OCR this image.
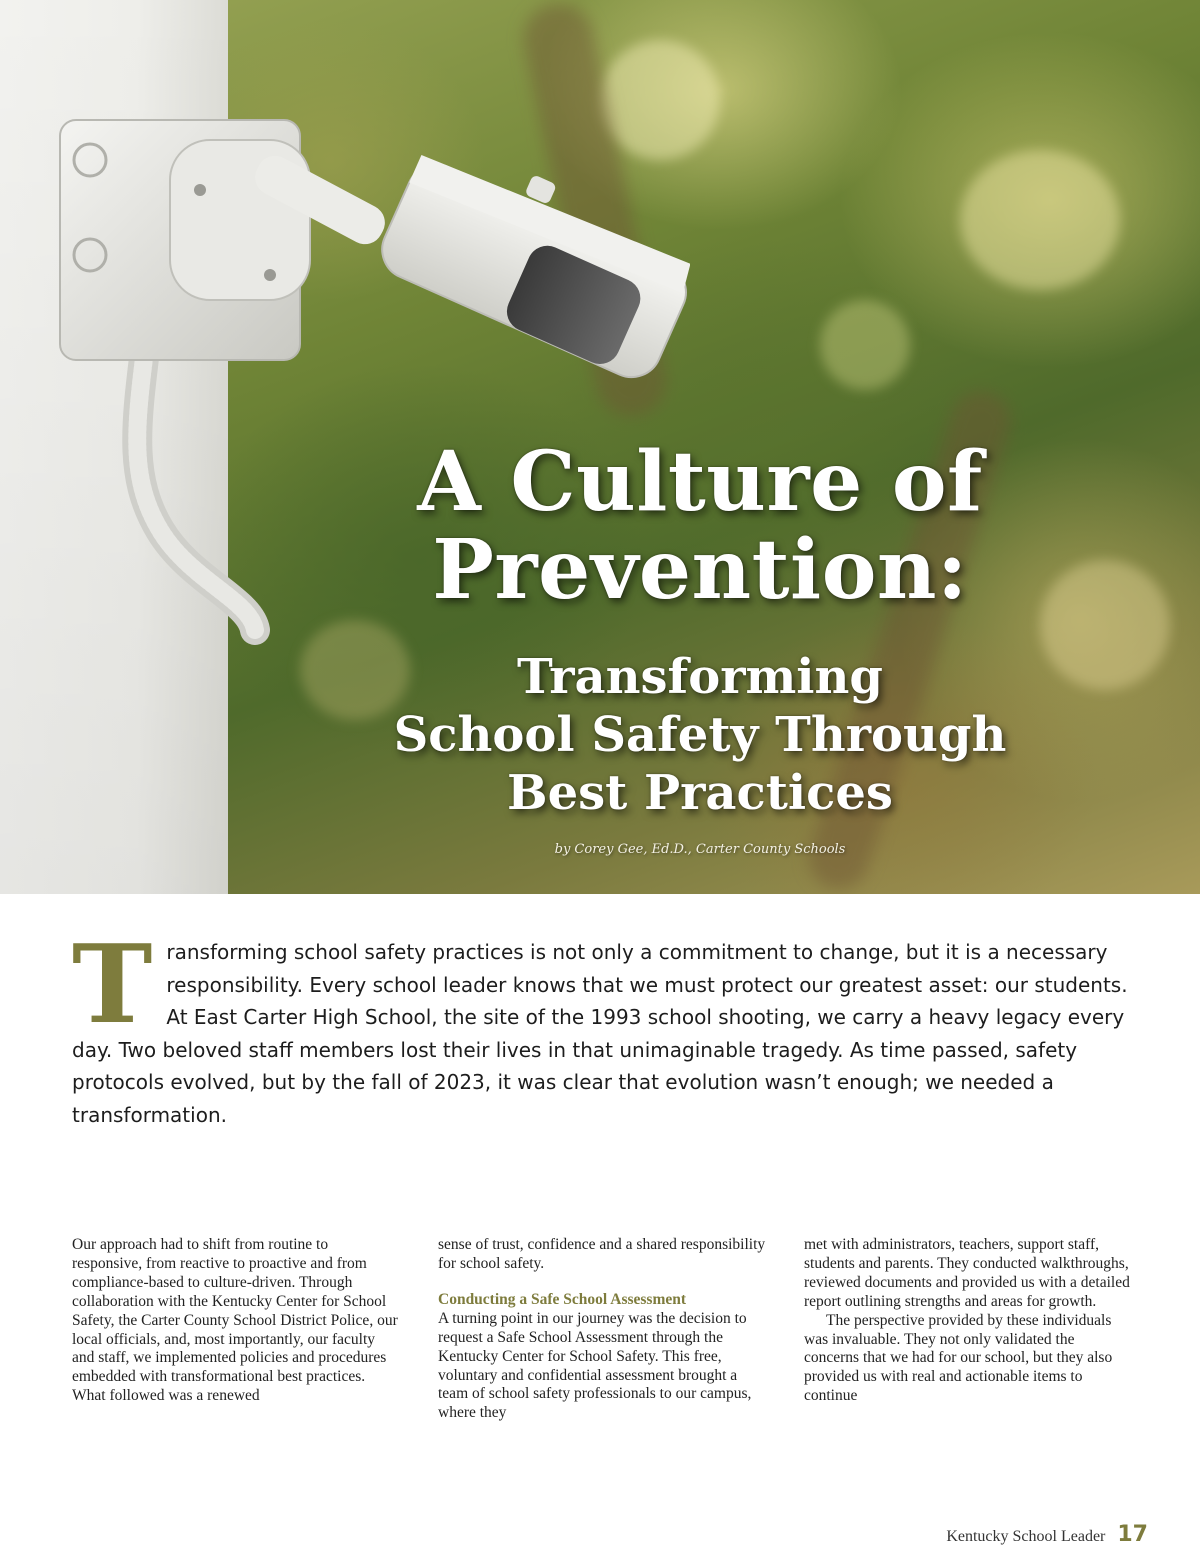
A Culture of
Prevention:
Transforming
School Safety Through
Best Practices
by Corey Gee, Ed.D., Carter County Schools

Transforming school safety practices is not only a commitment to change, but it is a necessary responsibility. Every school leader knows that we must protect our greatest asset: our students. At East Carter High School, the site of the 1993 school shooting, we carry a heavy legacy every day. Two beloved staff members lost their lives in that unimaginable tragedy. As time passed, safety protocols evolved, but by the fall of 2023, it was clear that evolution wasn’t enough; we needed a transformation.

Our approach had to shift from routine to responsive, from reactive to proactive and from compliance-based to culture-driven. Through collaboration with the Kentucky Center for School Safety, the Carter County School District Police, our local officials, and, most importantly, our faculty and staff, we implemented policies and procedures embedded with transformational best practices. What followed was a renewed

sense of trust, confidence and a shared responsibility for school safety.

Conducting a Safe School Assessment

A turning point in our journey was the decision to request a Safe School Assessment through the Kentucky Center for School Safety. This free, voluntary and confidential assessment brought a team of school safety professionals to our campus, where they

met with administrators, teachers, support staff, students and parents. They conducted walkthroughs, reviewed documents and provided us with a detailed report outlining strengths and areas for growth.

The perspective provided by these individuals was invaluable. They not only validated the concerns that we had for our school, but they also provided us with real and actionable items to continue

Kentucky School Leader 17
